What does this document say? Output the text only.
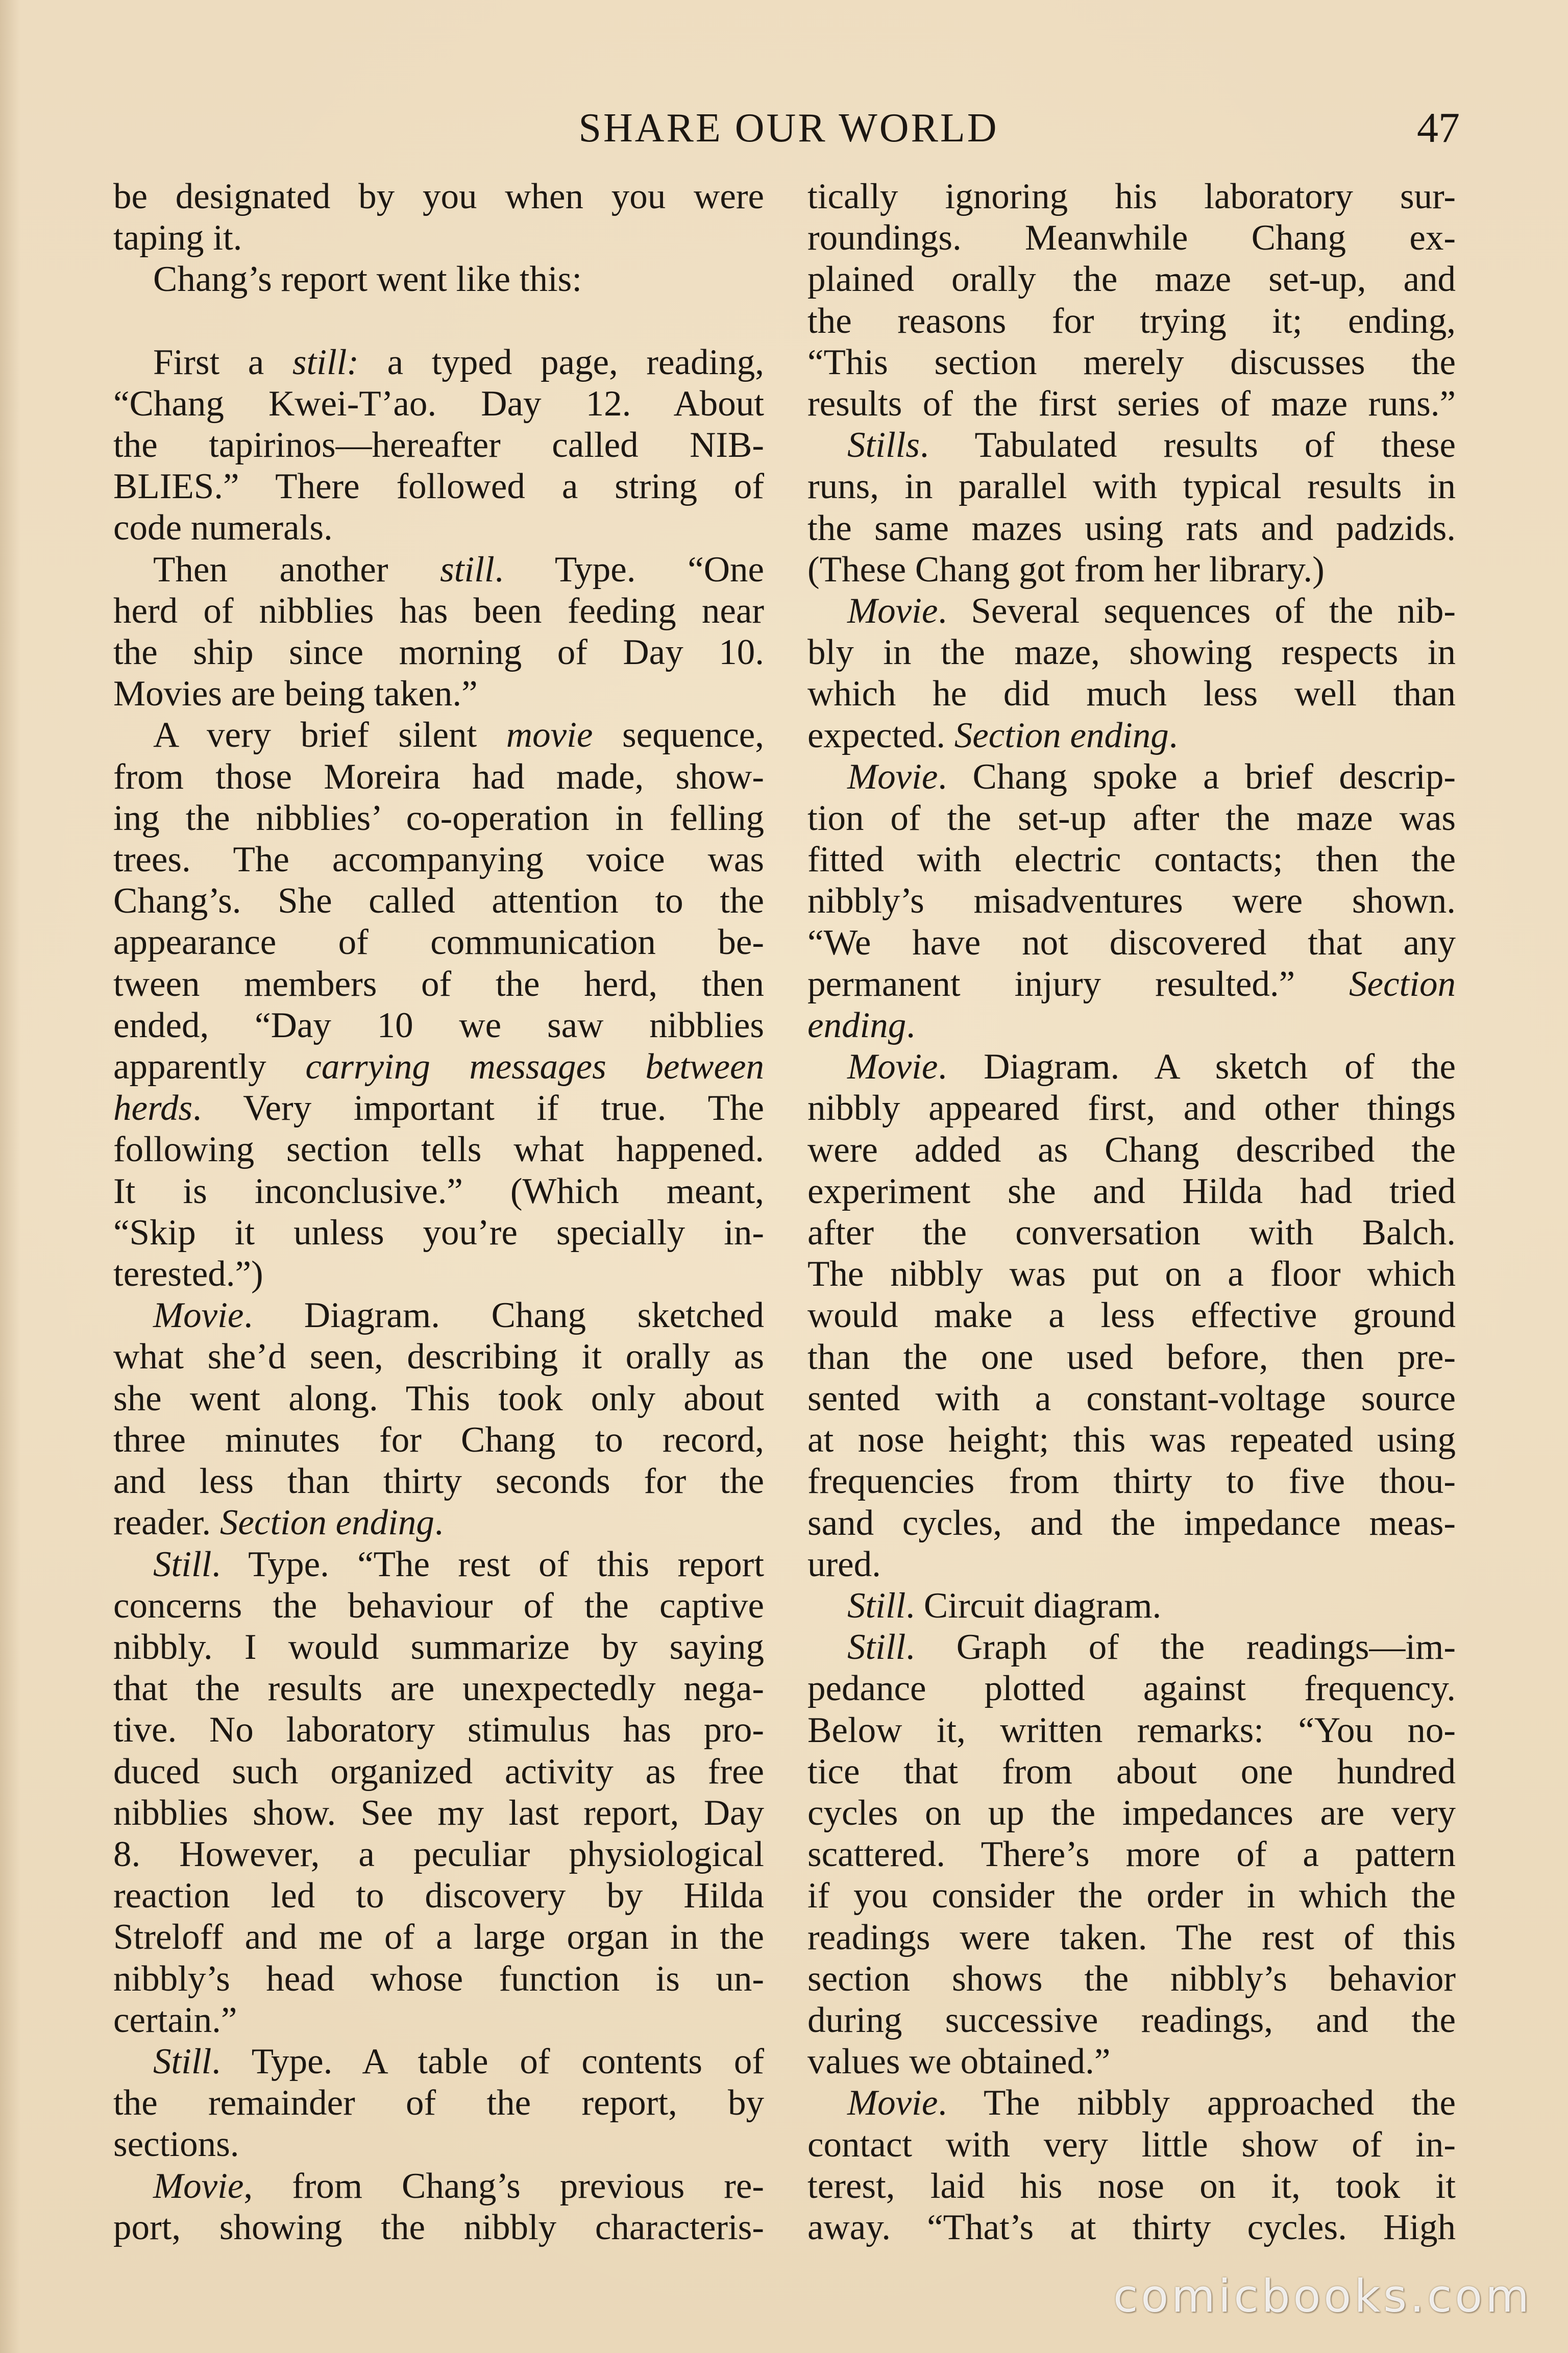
SHARE OUR WORLD	47

be designated by you when you were
taping it.

Chang’s report went like this:

First a still: a typed page, reading,
“Chang Kwei-T’ao. Day 12. About
the tapirinos—hereafter called NIB-
BLIES.” There followed a string of
code numerals.

Then another still. Type. “One
herd of nibblies has been feeding near
the ship since morning of Day 10.
Movies are being taken.”

A very brief silent movie sequence,
from those Moreira had made, show-
ing the nibblies’ co-operation in felling
trees. The accompanying voice was
Chang’s. She called attention to the
appearance of communication be-
tween members of the herd, then
ended, “Day 10 we saw nibblies
apparently carrying messages between
herds. Very important if true. The
following section tells what happened.
It is inconclusive.” (Which meant,
“Skip it unless you’re specially in-
terested.”)

Movie. Diagram. Chang sketched
what she’d seen, describing it orally as
she went along. This took only about
three minutes for Chang to record,
and less than thirty seconds for the
reader. Section ending.

Still. Type. “The rest of this report
concerns the behaviour of the captive
nibbly. I would summarize by saying
that the results are unexpectedly nega-
tive. No laboratory stimulus has pro-
duced such organized activity as free
nibblies show. See my last report, Day
8. However, a peculiar physiological
reaction led to discovery by Hilda
Streloff and me of a large organ in the
nibbly’s head whose function is un-
certain.”

Still. Type. A table of contents of
the remainder of the report, by
sections.

Movie, from Chang’s previous re-
port, showing the nibbly characteris-

tically ignoring his laboratory sur-
roundings. Meanwhile Chang ex-
plained orally the maze set-up, and
the reasons for trying it; ending,
“This section merely discusses the
results of the first series of maze runs.”

Stills. Tabulated results of these
runs, in parallel with typical results in
the same mazes using rats and padzids.
(These Chang got from her library.)

Movie. Several sequences of the nib-
bly in the maze, showing respects in
which he did much less well than
expected. Section ending.

Movie. Chang spoke a brief descrip-
tion of the set-up after the maze was
fitted with electric contacts; then the
nibbly’s misadventures were shown.
“We have not discovered that any
permanent injury resulted.” Section
ending.

Movie. Diagram. A sketch of the
nibbly appeared first, and other things
were added as Chang described the
experiment she and Hilda had tried
after the conversation with Balch.
The nibbly was put on a floor which
would make a less effective ground
than the one used before, then pre-
sented with a constant-voltage source
at nose height; this was repeated using
frequencies from thirty to five thou-
sand cycles, and the impedance meas-
ured.

Still. Circuit diagram.

Still. Graph of the readings—im-
pedance plotted against frequency.
Below it, written remarks: “You no-
tice that from about one hundred
cycles on up the impedances are very
scattered. There’s more of a pattern
if you consider the order in which the
readings were taken. The rest of this
section shows the nibbly’s behavior
during successive readings, and the
values we obtained.”

Movie. The nibbly approached the
contact with very little show of in-
terest, laid his nose on it, took it
away. “That’s at thirty cycles. High

comicbooks.com
